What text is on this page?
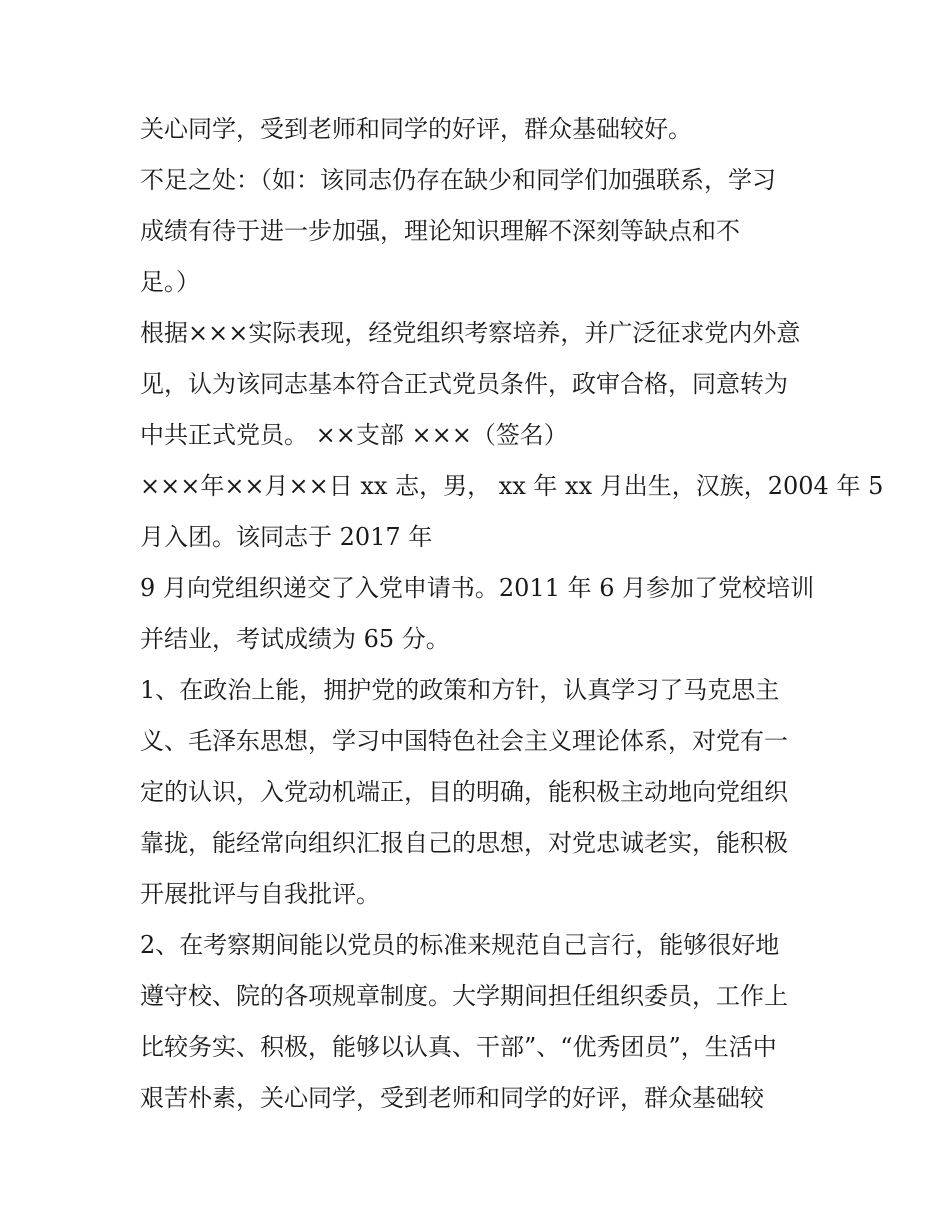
关心同学，受到老师和同学的好评，群众基础较好。
不足之处：（如：该同志仍存在缺少和同学们加强联系，学习
成绩有待于进一步加强，理论知识理解不深刻等缺点和不
足。）
根据×××实际表现，经党组织考察培养，并广泛征求党内外意
见，认为该同志基本符合正式党员条件，政审合格，同意转为
中共正式党员。 ××支部 ×××（签名）
×××年××月××日 xx 志，男， xx 年 xx 月出生，汉族，2004 年 5
月入团。该同志于 2017 年
9 月向党组织递交了入党申请书。2011 年 6 月参加了党校培训
并结业，考试成绩为 65 分。
1、在政治上能，拥护党的政策和方针，认真学习了马克思主
义、毛泽东思想，学习中国特色社会主义理论体系，对党有一
定的认识，入党动机端正，目的明确，能积极主动地向党组织
靠拢，能经常向组织汇报自己的思想，对党忠诚老实，能积极
开展批评与自我批评。
2、在考察期间能以党员的标准来规范自己言行，能够很好地
遵守校、院的各项规章制度。大学期间担任组织委员，工作上
比较务实、积极，能够以认真、干部”、“优秀团员”，生活中
艰苦朴素，关心同学，受到老师和同学的好评，群众基础较
